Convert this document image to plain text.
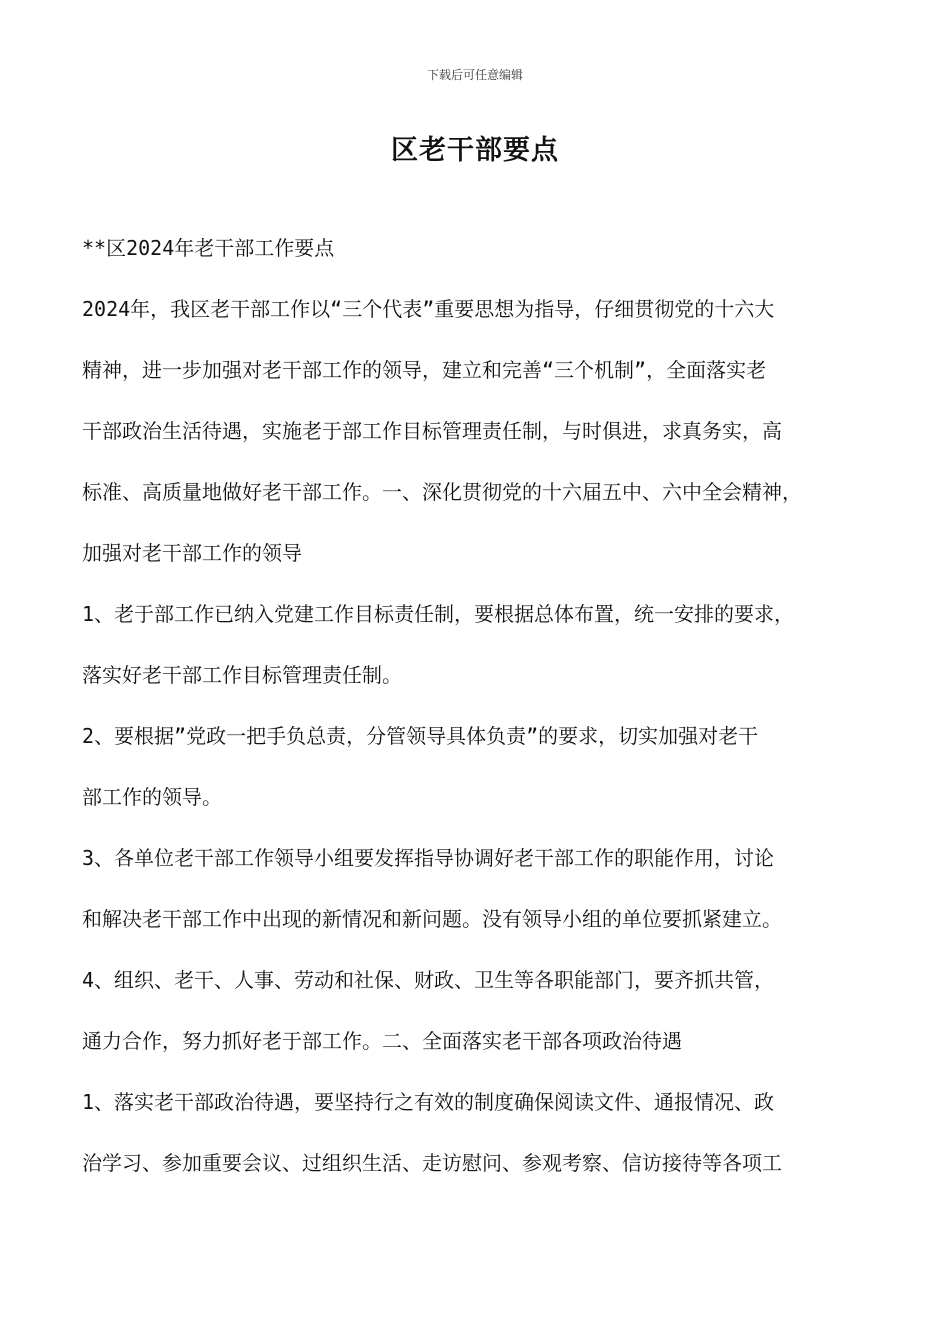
下载后可任意编辑
区老干部要点
**区2024年老干部工作要点
2024年，我区老干部工作以“三个代表”重要思想为指导，仔细贯彻党的十六大
精神，进一步加强对老干部工作的领导，建立和完善“三个机制”，全面落实老
干部政治生活待遇，实施老于部工作目标管理责任制，与时俱进，求真务实，高
标准、高质量地做好老干部工作。一、深化贯彻党的十六届五中、六中全会精神，
加强对老干部工作的领导
1、老于部工作已纳入党建工作目标责任制，要根据总体布置，统一安排的要求，
落实好老干部工作目标管理责任制。
2、要根据”党政一把手负总责，分管领导具体负责”的要求，切实加强对老干
部工作的领导。
3、各单位老干部工作领导小组要发挥指导协调好老干部工作的职能作用，讨论
和解决老干部工作中出现的新情况和新问题。没有领导小组的单位要抓紧建立。
4、组织、老干、人事、劳动和社保、财政、卫生等各职能部门，要齐抓共管，
通力合作，努力抓好老于部工作。二、全面落实老干部各项政治待遇
1、落实老干部政治待遇，要坚持行之有效的制度确保阅读文件、通报情况、政
治学习、参加重要会议、过组织生活、走访慰问、参观考察、信访接待等各项工
